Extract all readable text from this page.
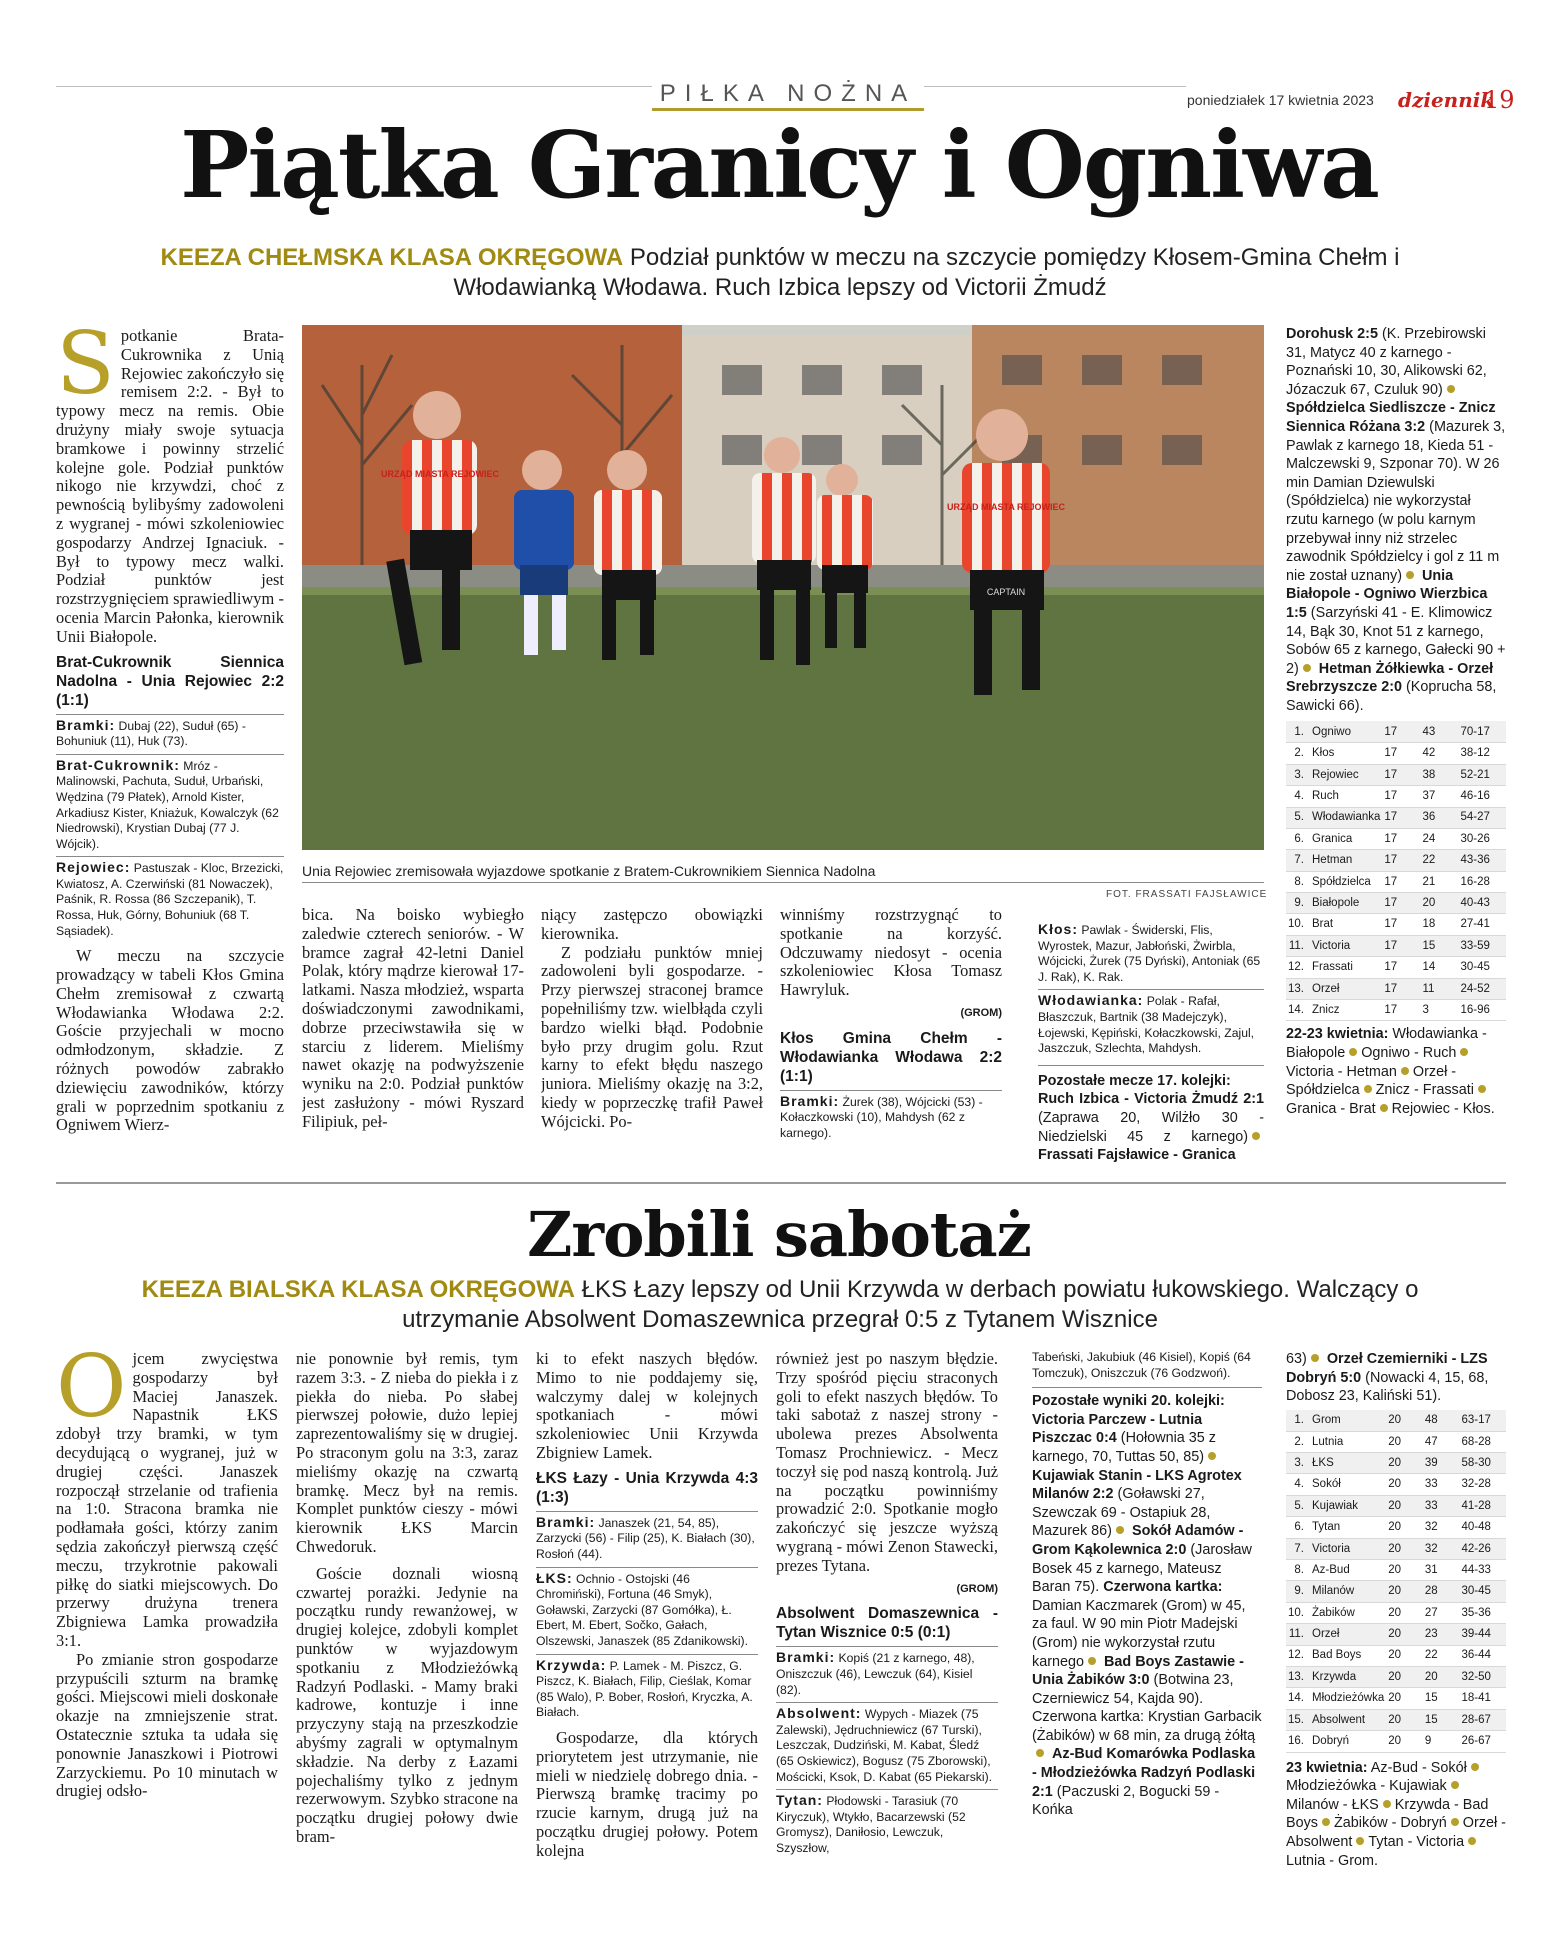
PIŁKA NOŻNA	poniedziałek 17 kwietnia 2023 dziennik
19
Piątka Granicy i Ogniwa
KEEZA CHEŁMSKA KLASA OKRĘGOWA Podział punktów w meczu na szczycie pomiędzy Kłosem-Gmina Chełm i Włodawianką Włodawa. Ruch Izbica lepszy od Victorii Żmudź
S potkanie Brata-Cukrownika z Unią Rejowiec zakończyło się remisem 2:2. - Był to typowy mecz na remis. Obie drużyny miały swoje sytuacja bramkowe i powinny strzelić kolejne gole. Podział punktów nikogo nie krzywdzi, choć z pewnością bylibyśmy zadowoleni z wygranej - mówi szkoleniowiec gospodarzy Andrzej Ignaciuk. - Był to typowy mecz walki. Podział punktów jest rozstrzygnięciem sprawiedliwym - ocenia Marcin Pałonka, kierownik Unii Białopole.

Brat-Cukrownik Siennica Nadolna - Unia Rejowiec 2:2 (1:1)
Bramki: Dubaj (22), Suduł (65) - Bohuniuk (11), Huk (73).
Brat-Cukrownik: Mróz - Malinowski, Pachuta, Suduł, Urbański, Wędzina (79 Płatek), Arnold Kister, Arkadiusz Kister, Kniażuk, Kowalczyk (62 Niedrowski), Krystian Dubaj (77 J. Wójcik).
Rejowiec: Pastuszak - Kloc, Brzezicki, Kwiatosz, A. Czerwiński (81 Nowaczek), Paśnik, R. Rossa (86 Szczepanik), T. Rossa, Huk, Górny, Bohuniuk (68 T. Sąsiadek).

W meczu na szczycie prowadzący w tabeli Kłos Gmina Chełm zremisował z czwartą Włodawianka Włodawa 2:2. Goście przyjechali w mocno odmłodzonym, składzie. Z różnych powodów zabrakło dziewięciu zawodników, którzy grali w poprzednim spotkaniu z Ogniwem Wierz-

URZĄD MIASTA REJOWIEC
URZĄD MIASTA REJOWIEC
CAPTAIN
Unia Rejowiec zremisowała wyjazdowe spotkanie z Bratem-Cukrownikiem Siennica Nadolna
FOT. FRASSATI FAJSŁAWICE

bica. Na boisko wybiegło zaledwie czterech seniorów. - W bramce zagrał 42-letni Daniel Polak, który mądrze kierował 17-latkami. Nasza młodzież, wsparta doświadczonymi zawodnikami, dobrze przeciwstawiła się w starciu z liderem. Mieliśmy nawet okazję na podwyższenie wyniku na 2:0. Podział punktów jest zasłużony - mówi Ryszard Filipiuk, peł-

niący zastępczo obowiązki kierownika.

Z podziału punktów mniej zadowoleni byli gospodarze. - Przy pierwszej straconej bramce popełniliśmy tzw. wielbłąda czyli bardzo wielki błąd. Podobnie było przy drugim golu. Rzut karny to efekt błędu naszego juniora. Mieliśmy okazję na 3:2, kiedy w poprzeczkę trafił Paweł Wójcicki. Po-

winniśmy rozstrzygnąć to spotkanie na korzyść. Odczuwamy niedosyt - ocenia szkoleniowiec Kłosa Tomasz Hawryluk.

(GROM)
Kłos Gmina Chełm - Włodawianka Włodawa 2:2 (1:1)
Bramki: Żurek (38), Wójcicki (53) - Kołaczkowski (10), Mahdysh (62 z karnego).
Kłos: Pawlak - Świderski, Flis, Wyrostek, Mazur, Jabłoński, Żwirbla, Wójcicki, Żurek (75 Dyński), Antoniak (65 J. Rak), K. Rak.
Włodawianka: Polak - Rafał, Błaszczuk, Bartnik (38 Madejczyk), Łojewski, Kępiński, Kołaczkowski, Zajul, Jaszczuk, Szlechta, Mahdysh.
Pozostałe mecze 17. kolejki:
Ruch Izbica - Victoria Żmudź 2:1 (Zaprawa 20, Wilżło 30 - Niedzielski 45 z karnego) Frassati Fajsławice - Granica
Dorohusk 2:5 (K. Przebirowski 31, Matycz 40 z karnego - Poznański 10, 30, Alikowski 62, Józaczuk 67, Czuluk 90) Spółdzielca Siedliszcze - Znicz Siennica Różana 3:2 (Mazurek 3, Pawlak z karnego 18, Kieda 51 - Malczewski 9, Szponar 70). W 26 min Damian Dziewulski (Spółdzielca) nie wykorzystał rzutu karnego (w polu karnym przebywał inny niż strzelec zawodnik Spółdzielcy i gol z 11 m nie został uznany) Unia Białopole - Ogniwo Wierzbica 1:5 (Sarzyński 41 - E. Klimowicz 14, Bąk 30, Knot 51 z karnego, Sobów 65 z karnego, Gałecki 90 + 2) Hetman Żółkiewka - Orzeł Srebrzyszcze 2:0 (Koprucha 58, Sawicki 66).
1.	Ogniwo	17	43	70-17
2.	Kłos	17	42	38-12
3.	Rejowiec	17	38	52-21
4.	Ruch	17	37	46-16
5.	Włodawianka	17	36	54-27
6.	Granica	17	24	30-26
7.	Hetman	17	22	43-36
8.	Spółdzielca	17	21	16-28
9.	Białopole	17	20	40-43
10.	Brat	17	18	27-41
11.	Victoria	17	15	33-59
12.	Frassati	17	14	30-45
13.	Orzeł	17	11	24-52
14.	Znicz	17	3	16-96
22-23 kwietnia: Włodawianka - Białopole Ogniwo - RuchVictoria - Hetman Orzeł - Spółdzielca Znicz - FrassatiGranica - Brat Rejowiec - Kłos.
Zrobili sabotaż
KEEZA BIALSKA KLASA OKRĘGOWA ŁKS Łazy lepszy od Unii Krzywda w derbach powiatu łukowskiego. Walczący o utrzymanie Absolwent Domaszewnica przegrał 0:5 z Tytanem Wisznice
O jcem zwycięstwa gospodarzy był Maciej Janaszek. Napastnik ŁKS zdobył trzy bramki, w tym decydującą o wygranej, już w drugiej części. Janaszek rozpoczął strzelanie od trafienia na 1:0. Stracona bramka nie podłamała gości, którzy zanim sędzia zakończył pierwszą część meczu, trzykrotnie pakowali piłkę do siatki miejscowych. Do przerwy drużyna trenera Zbigniewa Lamka prowadziła 3:1.

Po zmianie stron gospodarze przypuścili szturm na bramkę gości. Miejscowi mieli doskonałe okazje na zmniejszenie strat. Ostatecznie sztuka ta udała się ponownie Janaszkowi i Piotrowi Zarzyckiemu. Po 10 minutach w drugiej odsło-

nie ponownie był remis, tym razem 3:3. - Z nieba do piekła i z piekła do nieba. Po słabej pierwszej połowie, dużo lepiej zaprezentowaliśmy się w drugiej. Po straconym golu na 3:3, zaraz mieliśmy okazję na czwartą bramkę. Mecz był na remis. Komplet punktów cieszy - mówi kierownik ŁKS Marcin Chwedoruk.

Goście doznali wiosną czwartej porażki. Jedynie na początku rundy rewanżowej, w drugiej kolejce, zdobyli komplet punktów w wyjazdowym spotkaniu z Młodzieżówką Radzyń Podlaski. - Mamy braki kadrowe, kontuzje i inne przyczyny stają na przeszkodzie abyśmy zagrali w optymalnym składzie. Na derby z Łazami pojechaliśmy tylko z jednym rezerwowym. Szybko stracone na początku drugiej połowy dwie bram-

ki to efekt naszych błędów. Mimo to nie poddajemy się, walczymy dalej w kolejnych spotkaniach - mówi szkoleniowiec Unii Krzywda Zbigniew Lamek.

ŁKS Łazy - Unia Krzywda 4:3 (1:3)
Bramki: Janaszek (21, 54, 85), Zarzycki (56) - Filip (25), K. Białach (30), Rosłoń (44).
ŁKS: Ochnio - Ostojski (46 Chromiński), Fortuna (46 Smyk), Goławski, Zarzycki (87 Gomółka), Ł. Ebert, M. Ebert, Sočko, Gałach, Olszewski, Janaszek (85 Zdanikowski).
Krzywda: P. Lamek - M. Piszcz, G. Piszcz, K. Białach, Filip, Cieślak, Komar (85 Walo), P. Bober, Rosłoń, Kryczka, A. Białach.

Gospodarze, dla których priorytetem jest utrzymanie, nie mieli w niedzielę dobrego dnia. - Pierwszą bramkę tracimy po rzucie karnym, drugą już na początku drugiej połowy. Potem kolejna

również jest po naszym błędzie. Trzy spośród pięciu straconych goli to efekt naszych błędów. To taki sabotaż z naszej strony - ubolewa prezes Absolwenta Tomasz Prochniewicz. - Mecz toczył się pod naszą kontrolą. Już na początku powinniśmy prowadzić 2:0. Spotkanie mogło zakończyć się jeszcze wyższą wygraną - mówi Zenon Stawecki, prezes Tytana.

(GROM)
Absolwent Domaszewnica - Tytan Wisznice 0:5 (0:1)
Bramki: Kopiś (21 z karnego, 48), Oniszczuk (46), Lewczuk (64), Kisiel (82).
Absolwent: Wypych - Miazek (75 Zalewski), Jędruchniewicz (67 Turski), Leszczak, Dudziński, M. Kabat, Śledź (65 Oskiewicz), Bogusz (75 Zborowski), Mościcki, Ksok, D. Kabat (65 Piekarski).
Tytan: Płodowski - Tarasiuk (70 Kiryczuk), Wtykło, Bacarzewski (52 Gromysz), Daniłosio, Lewczuk, Szyszłow,
Tabeński, Jakubiuk (46 Kisiel), Kopiś (64 Tomczuk), Oniszczuk (76 Godzwoń).
Pozostałe wyniki 20. kolejki:
Victoria Parczew - Lutnia Piszczac 0:4 (Hołownia 35 z karnego, 70, Tuttas 50, 85) Kujawiak Stanin - LKS Agrotex Milanów 2:2 (Goławski 27, Szewczak 69 - Ostapiuk 28, Mazurek 86) Sokół Adamów - Grom Kąkolewnica 2:0 (Jarosław Bosek 45 z karnego, Mateusz Baran 75). Czerwona kartka: Damian Kaczmarek (Grom) w 45, za faul. W 90 min Piotr Madejski (Grom) nie wykorzystał rzutu karnego Bad Boys Zastawie - Unia Żabików 3:0 (Botwina 23, Czerniewicz 54, Kajda 90). Czerwona kartka: Krystian Garbacik (Żabików) w 68 min, za drugą żółtą Az-Bud Komarówka Podlaska - Młodzieżówka Radzyń Podlaski 2:1 (Paczuski 2, Bogucki 59 - Końka
63) Orzeł Czemierniki - LZS Dobryń 5:0 (Nowacki 4, 15, 68, Dobosz 23, Kaliński 51).
1.	Grom	20	48	63-17
2.	Lutnia	20	47	68-28
3.	ŁKS	20	39	58-30
4.	Sokół	20	33	32-28
5.	Kujawiak	20	33	41-28
6.	Tytan	20	32	40-48
7.	Victoria	20	32	42-26
8.	Az-Bud	20	31	44-33
9.	Milanów	20	28	30-45
10.	Żabików	20	27	35-36
11.	Orzeł	20	23	39-44
12.	Bad Boys	20	22	36-44
13.	Krzywda	20	20	32-50
14.	Młodzieżówka	20	15	18-41
15.	Absolwent	20	15	28-67
16.	Dobryń	20	9	26-67
23 kwietnia: Az-Bud - SokółMłodzieżówka - KujawiakMilanów - ŁKS Krzywda - Bad Boys Żabików - Dobryń Orzeł - Absolwent Tytan - VictoriaLutnia - Grom.
